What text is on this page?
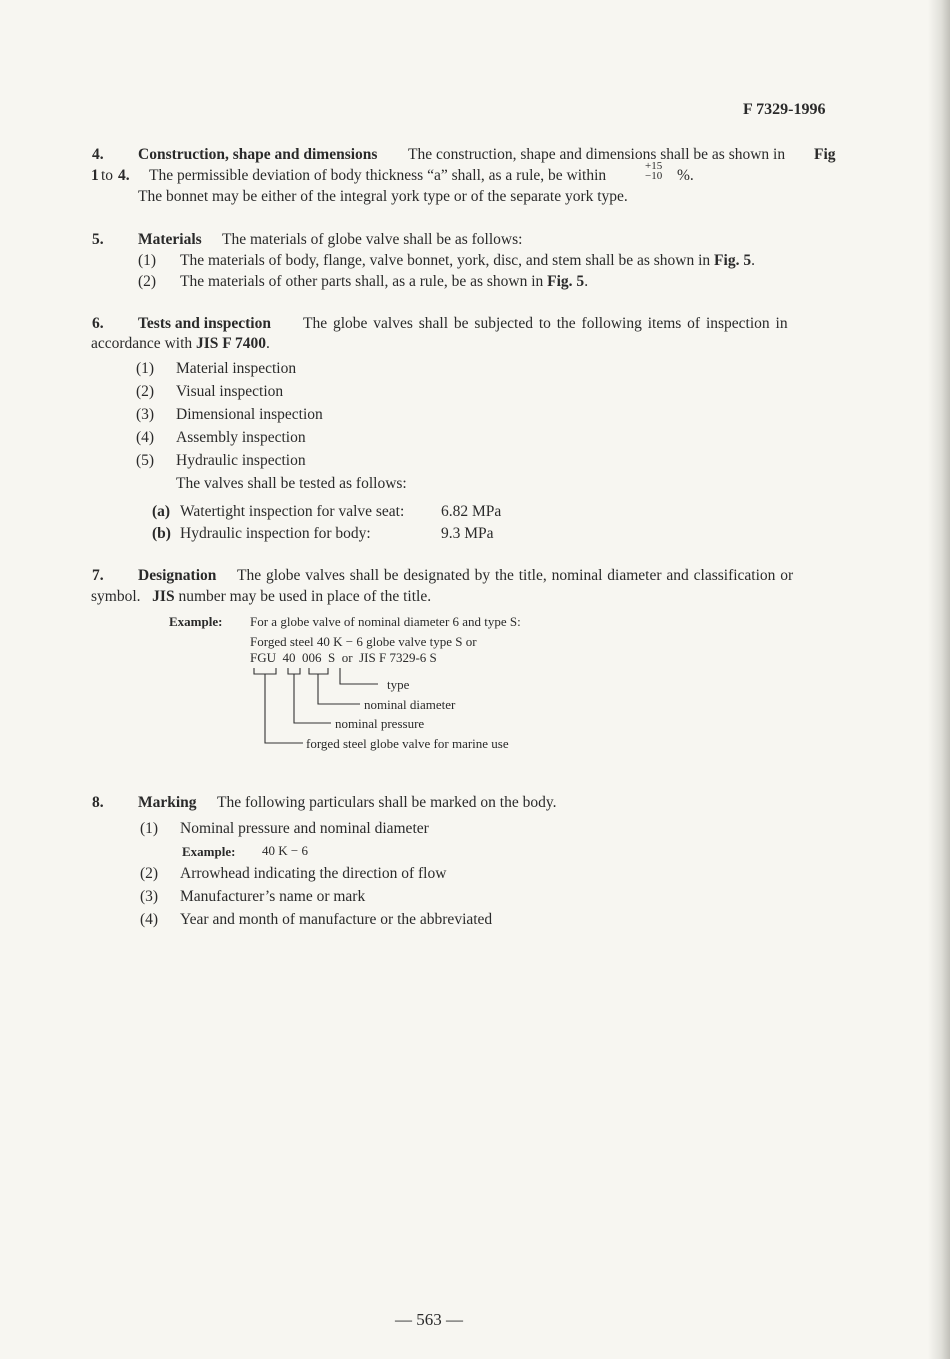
F 7329-1996
4. Construction, shape and dimensions The construction, shape and dimensions shall be as shown in Fig
1 to 4. The permissible deviation of body thickness “a” shall, as a rule, be within
+15
−10 %.
The bonnet may be either of the integral york type or of the separate york type.
5. Materials The materials of globe valve shall be as follows:
(1) The materials of body, flange, valve bonnet, york, disc, and stem shall be as shown in Fig. 5.
(2) The materials of other parts shall, as a rule, be as shown in Fig. 5.
6. Tests and inspection The globe valves shall be subjected to the following items of inspection in
accordance with JIS F 7400.
(1) Material inspection
(2) Visual inspection
(3) Dimensional inspection
(4) Assembly inspection
(5) Hydraulic inspection
The valves shall be tested as follows:
(a) Watertight inspection for valve seat: 6.82 MPa
(b) Hydraulic inspection for body:	9.3 MPa
7. Designation The globe valves shall be designated by the title, nominal diameter and classification or
symbol. JIS number may be used in place of the title.
Example: For a globe valve of nominal diameter 6 and type S:
Forged steel 40 K − 6 globe valve type S or
FGU  40  006  S or JIS F 7329-6 S
type
nominal diameter
nominal pressure
forged steel globe valve for marine use
8. Marking The following particulars shall be marked on the body.
(1) Nominal pressure and nominal diameter
Example: 40 K − 6
(2) Arrowhead indicating the direction of flow
(3) Manufacturer’s name or mark
(4) Year and month of manufacture or the abbreviated
— 563 —
